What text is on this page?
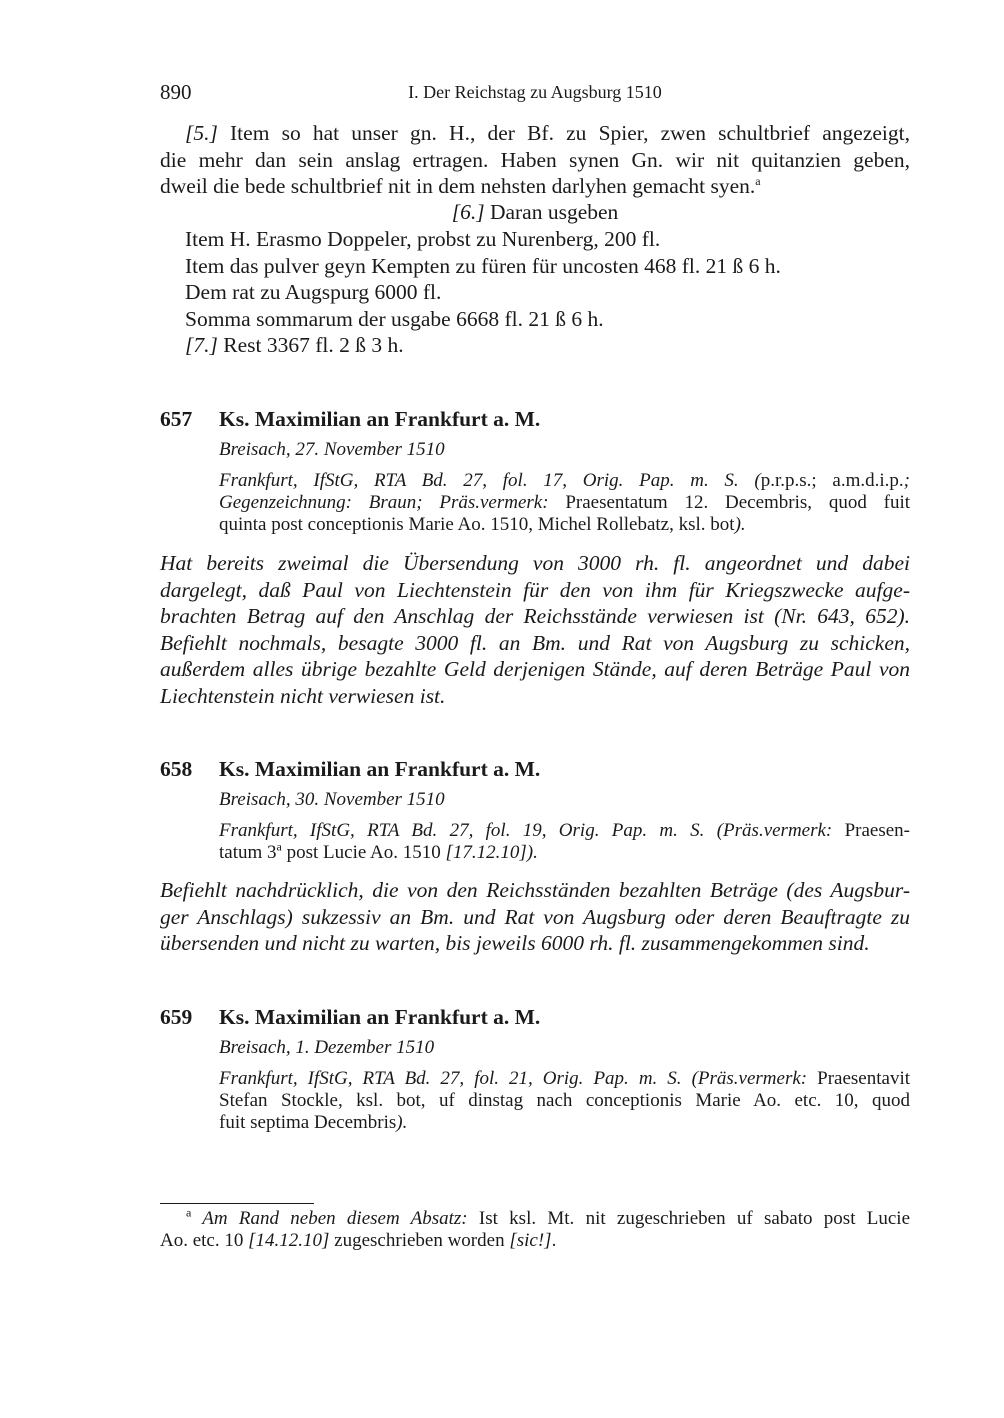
890	I. Der Reichstag zu Augsburg 1510
[5.] Item so hat unser gn. H., der Bf. zu Spier, zwen schultbrief angezeigt,
die mehr dan sein anslag ertragen. Haben synen Gn. wir nit quitanzien geben,
dweil die bede schultbrief nit in dem nehsten darlyhen gemacht syen.$^a$
[6.] Daran usgeben
Item H. Erasmo Doppeler, probst zu Nurenberg, 200 fl.
Item das pulver geyn Kempten zu füren für uncosten 468 fl. 21 ß 6 h.
Dem rat zu Augspurg 6000 fl.
Somma sommarum der usgabe 6668 fl. 21 ß 6 h.
[7.] Rest 3367 fl. 2 ß 3 h.
657 Ks. Maximilian an Frankfurt a. M.
Breisach, 27. November 1510
Frankfurt, IfStG, RTA Bd. 27, fol. 17, Orig. Pap. m. S. (p.r.p.s.; a.m.d.i.p.;
Gegenzeichnung: Braun; Präs.vermerk: Praesentatum 12. Decembris, quod fuit
quinta post conceptionis Marie Ao. 1510, Michel Rollebatz, ksl. bot).
Hat bereits zweimal die Übersendung von 3000 rh. fl. angeordnet und dabei
dargelegt, daß Paul von Liechtenstein für den von ihm für Kriegszwecke aufge-
brachten Betrag auf den Anschlag der Reichsstände verwiesen ist (Nr. 643, 652).
Befiehlt nochmals, besagte 3000 fl. an Bm. und Rat von Augsburg zu schicken,
außerdem alles übrige bezahlte Geld derjenigen Stände, auf deren Beträge Paul von
Liechtenstein nicht verwiesen ist.
658 Ks. Maximilian an Frankfurt a. M.
Breisach, 30. November 1510
Frankfurt, IfStG, RTA Bd. 27, fol. 19, Orig. Pap. m. S. (Präs.vermerk: Praesen-
tatum 3$^a$ post Lucie Ao. 1510 [17.12.10]).
Befiehlt nachdrücklich, die von den Reichsständen bezahlten Beträge (des Augsbur-
ger Anschlags) sukzessiv an Bm. und Rat von Augsburg oder deren Beauftragte zu
übersenden und nicht zu warten, bis jeweils 6000 rh. fl. zusammengekommen sind.
659 Ks. Maximilian an Frankfurt a. M.
Breisach, 1. Dezember 1510
Frankfurt, IfStG, RTA Bd. 27, fol. 21, Orig. Pap. m. S. (Präs.vermerk: Praesentavit
Stefan Stockle, ksl. bot, uf dinstag nach conceptionis Marie Ao. etc. 10, quod
fuit septima Decembris).
$^a$ Am Rand neben diesem Absatz: Ist ksl. Mt. nit zugeschrieben uf sabato post Lucie
Ao. etc. 10 [14.12.10] zugeschrieben worden [sic!].
